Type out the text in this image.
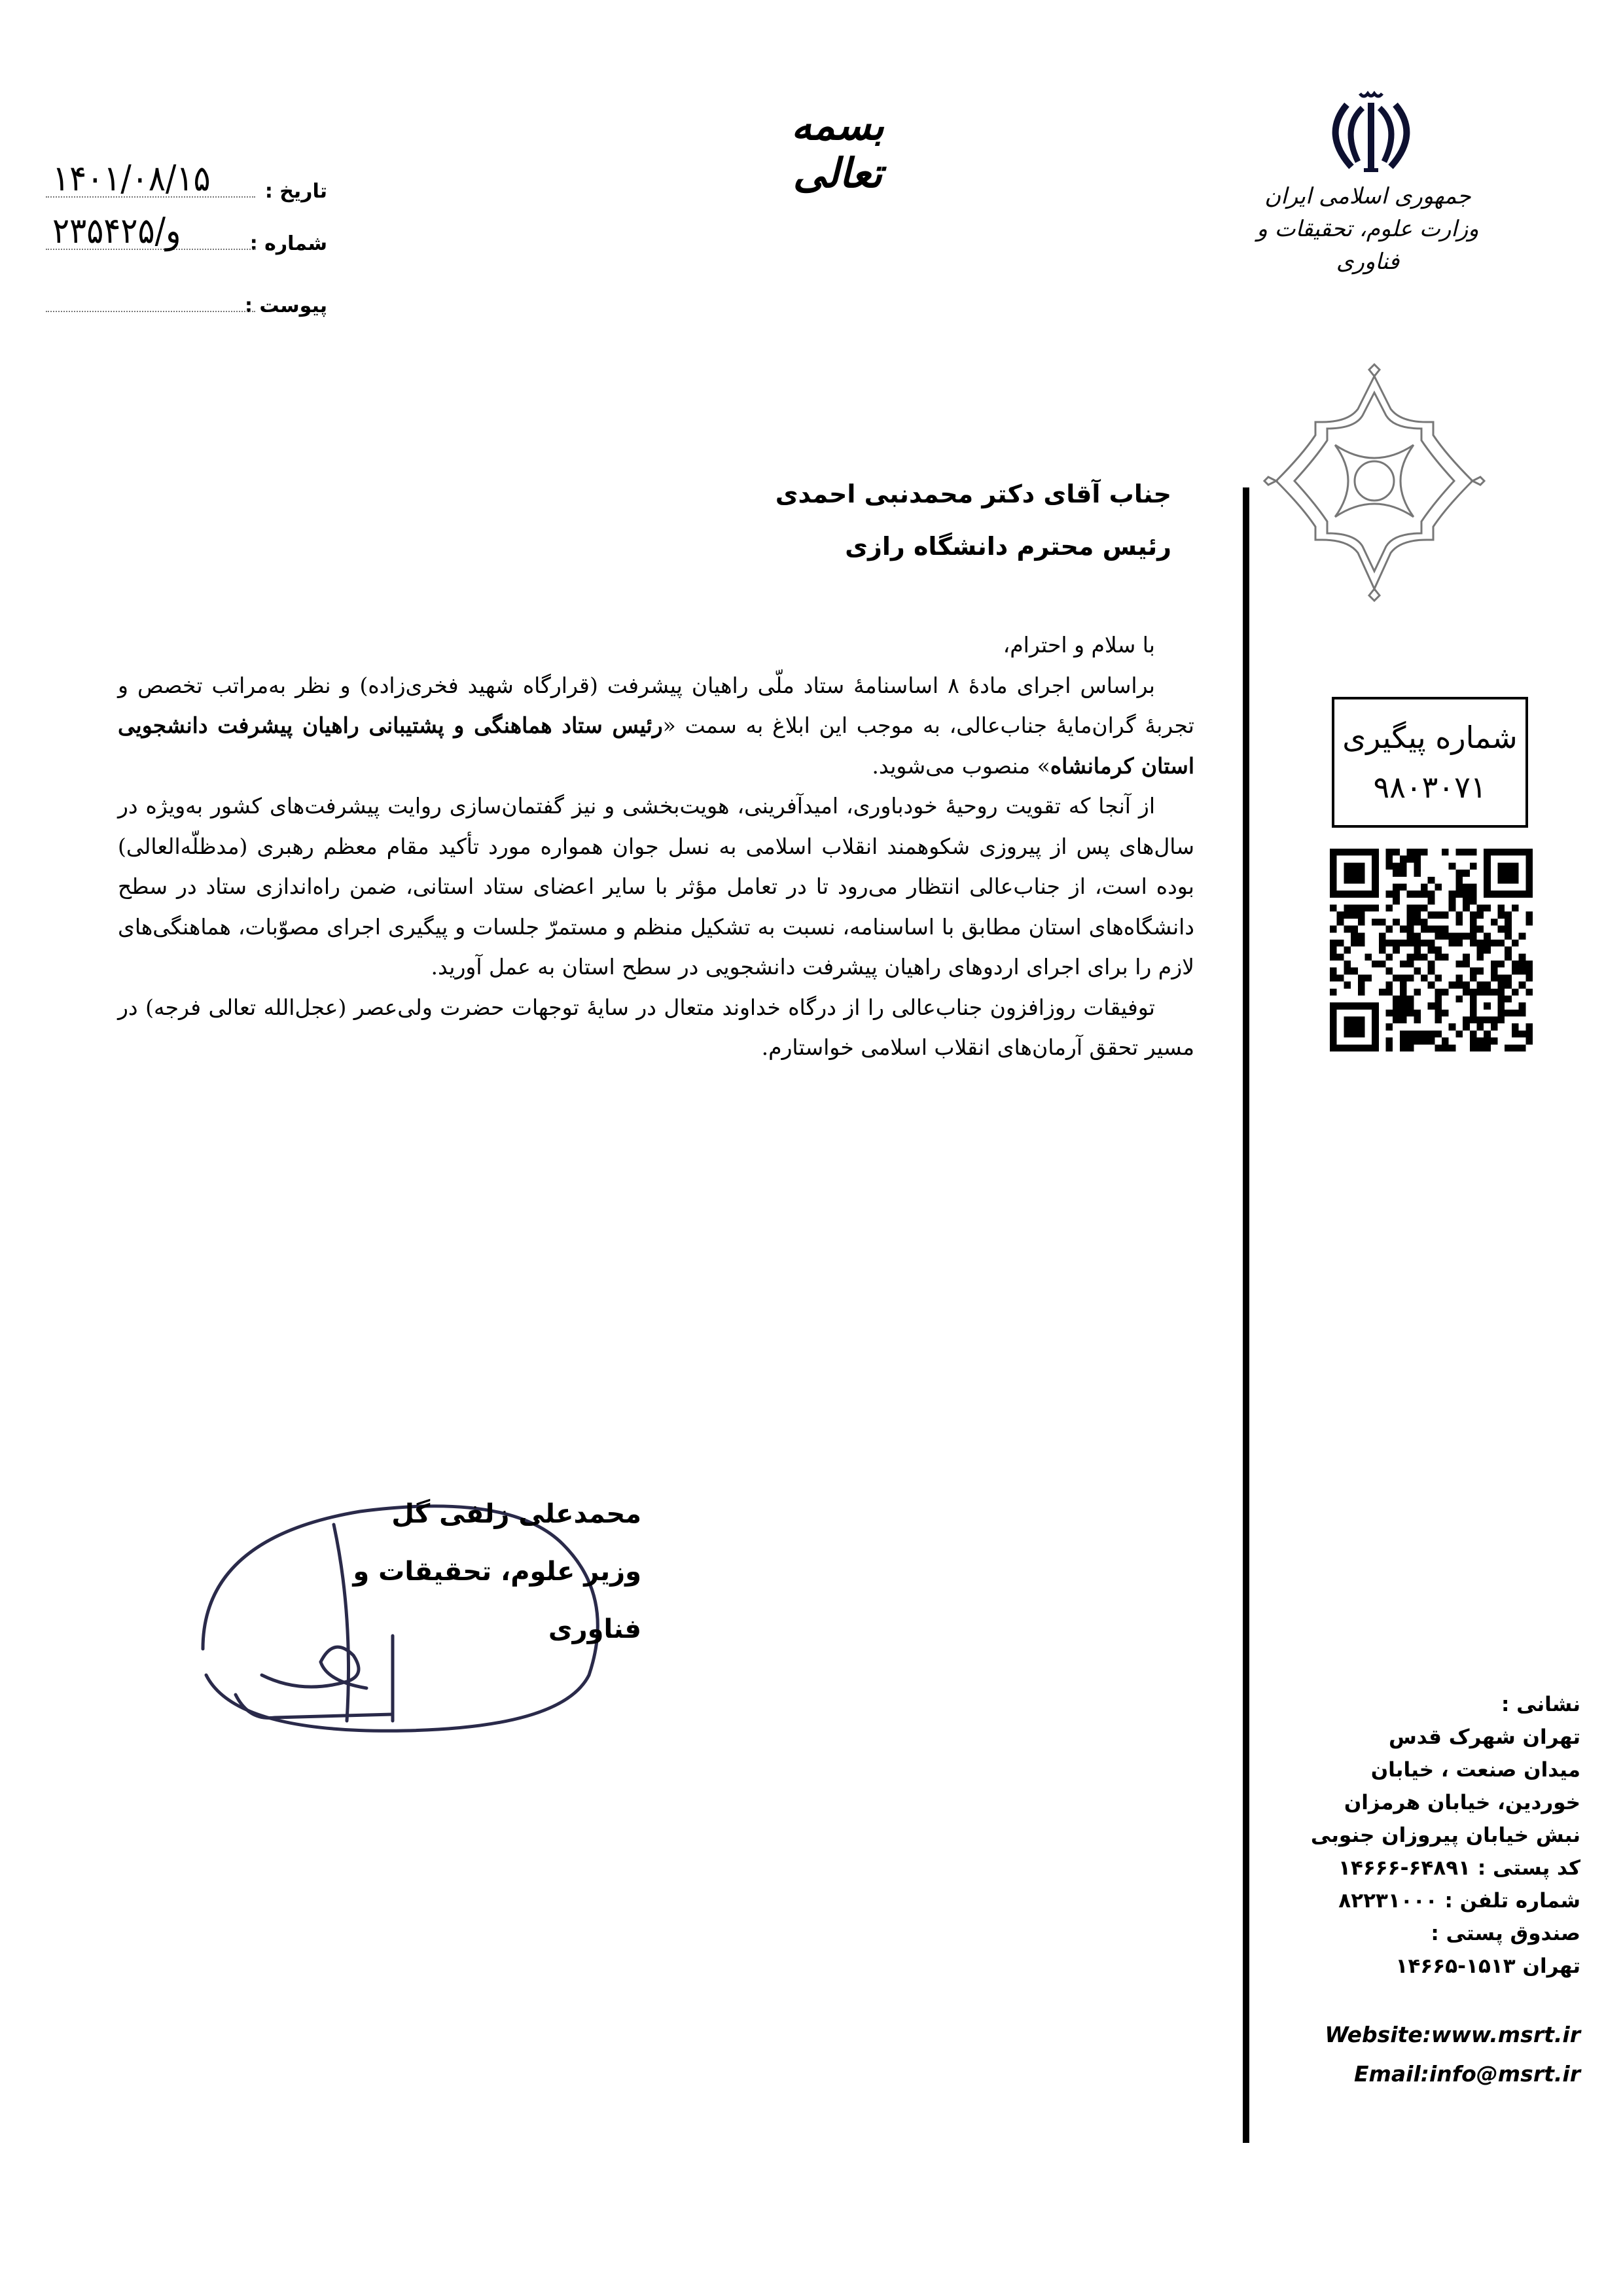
بسمه تعالی
تاریخ :
۱۴۰۱/۰۸/۱۵
شماره :
۲۳۵۴۲۵/و
پیوست :
جمهوری اسلامی ایران
وزارت علوم، تحقیقات و فناوری
جناب آقای دکتر محمدنبی احمدی
رئیس محترم دانشگاه رازی

با سلام و احترام،

براساس اجرای مادهٔ ۸ اساسنامهٔ ستاد ملّی راهیان پیشرفت (قرارگاه شهید فخری‌زاده) و نظر به‌مراتب تخصص و تجربهٔ گران‌مایهٔ جناب‌عالی، به موجب این ابلاغ به سمت «رئیس ستاد هماهنگی و پشتیبانی راهیان پیشرفت دانشجویی استان کرمانشاه» منصوب می‌شوید.

از آنجا که تقویت روحیهٔ خودباوری، امیدآفرینی، هویت‌بخشی و نیز گفتمان‌سازی روایت پیشرفت‌های کشور به‌ویژه در سال‌های پس از پیروزی شکوهمند انقلاب اسلامی به نسل جوان همواره مورد تأکید مقام معظم رهبری (مدظلّه‌العالی) بوده است، از جناب‌عالی انتظار می‌رود تا در تعامل مؤثر با سایر اعضای ستاد استانی، ضمن راه‌اندازی ستاد در سطح دانشگاه‌های استان مطابق با اساسنامه، نسبت به تشکیل منظم و مستمرّ جلسات و پیگیری اجرای مصوّبات، هماهنگی‌های لازم را برای اجرای اردوهای راهیان پیشرفت دانشجویی در سطح استان به عمل آورید.

توفیقات روزافزون جناب‌عالی را از درگاه خداوند متعال در سایهٔ توجهات حضرت ولی‌عصر (عجل‌الله تعالی فرجه) در مسیر تحقق آرمان‌های انقلاب اسلامی خواستارم.

شماره پیگیری
۹۸۰۳۰۷۱
محمدعلی زلفی گل
وزیر علوم، تحقیقات و فناوری
نشانی :
تهران شهرک قدس
میدان صنعت ، خیابان
خوردین، خیابان هرمزان
نبش خیابان پیروزان جنوبی
کد پستی : ۶۴۸۹۱-۱۴۶۶۶
شماره تلفن : ۸۲۲۳۱۰۰۰
صندوق پستی :
تهران ۱۵۱۳-۱۴۶۶۵
Website:www.msrt.ir
Email:info@msrt.ir
